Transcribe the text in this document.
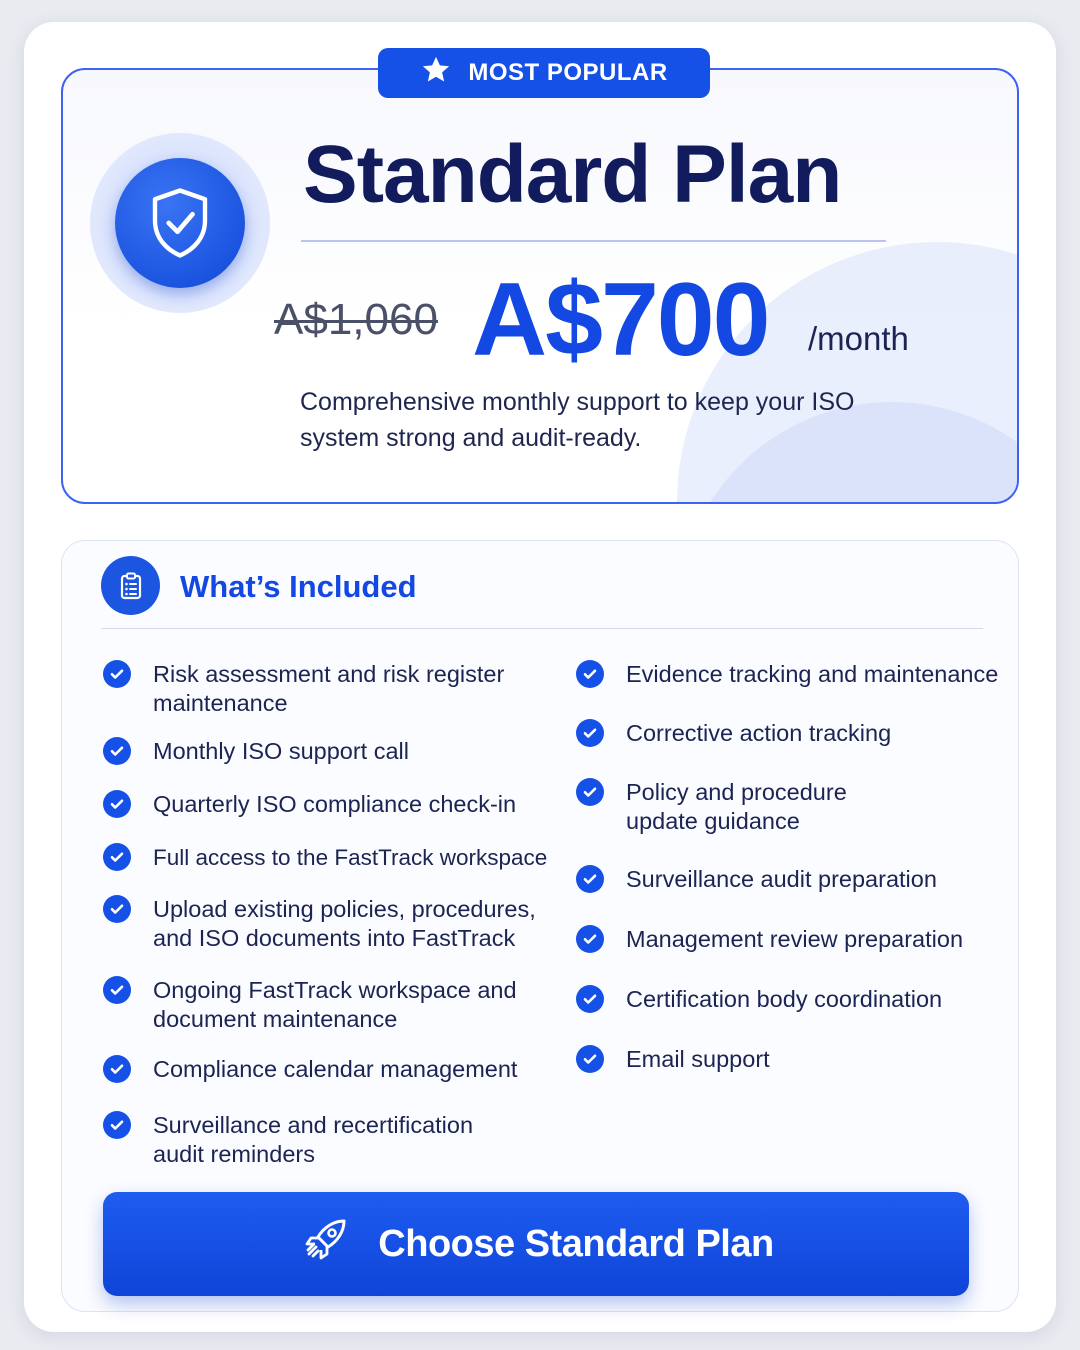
MOST POPULAR
Standard Plan
A$1,060 A$700 /month
Comprehensive monthly support to keep your ISO system strong and audit-ready.
What’s Included
Risk assessment and risk register maintenance
Monthly ISO support call
Quarterly ISO compliance check-in
Full access to the FastTrack workspace
Upload existing policies, procedures, and ISO documents into FastTrack
Ongoing FastTrack workspace and document maintenance
Compliance calendar management
Surveillance and recertification audit reminders
Evidence tracking and maintenance
Corrective action tracking
Policy and procedure update guidance
Surveillance audit preparation
Management review preparation
Certification body coordination
Email support
Choose Standard Plan
